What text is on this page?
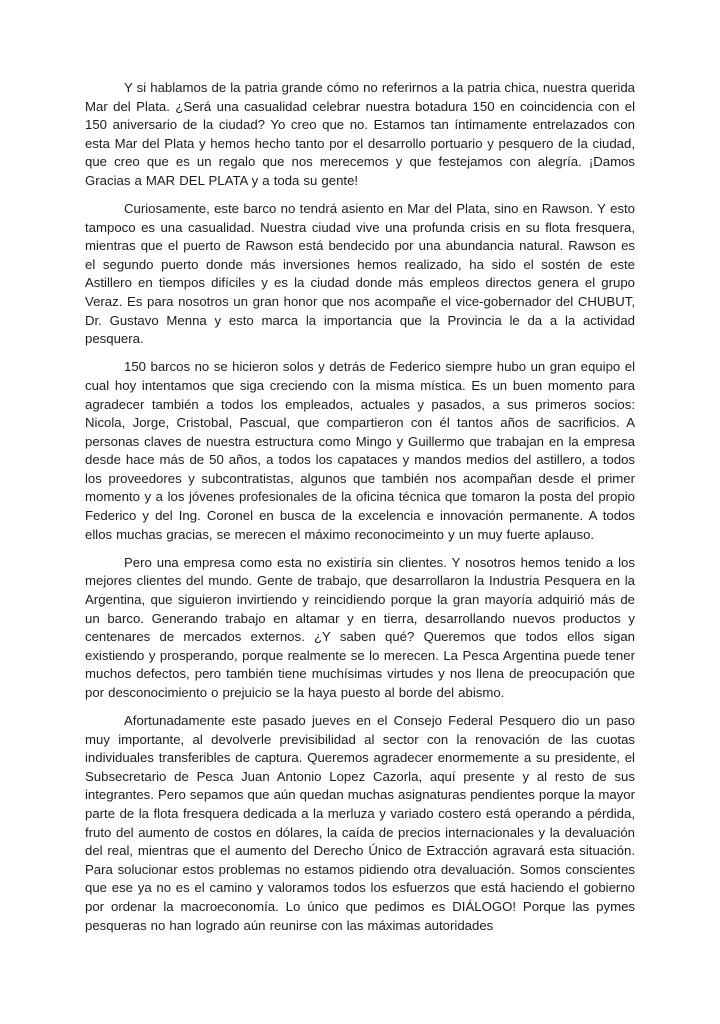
Y si hablamos de la patria grande cómo no referirnos a la patria chica, nuestra querida Mar del Plata. ¿Será una casualidad celebrar nuestra botadura 150 en coincidencia con el 150 aniversario de la ciudad? Yo creo que no. Estamos tan íntimamente entrelazados con esta Mar del Plata y hemos hecho tanto por el desarrollo portuario y pesquero de la ciudad, que creo que es un regalo que nos merecemos y que festejamos con alegría. ¡Damos Gracias a MAR DEL PLATA y a toda su gente!

Curiosamente, este barco no tendrá asiento en Mar del Plata, sino en Rawson. Y esto tampoco es una casualidad. Nuestra ciudad vive una profunda crisis en su flota fresquera, mientras que el puerto de Rawson está bendecido por una abundancia natural. Rawson es el segundo puerto donde más inversiones hemos realizado, ha sido el sostén de este Astillero en tiempos difíciles y es la ciudad donde más empleos directos genera el grupo Veraz. Es para nosotros un gran honor que nos acompañe el vice-gobernador del CHUBUT, Dr. Gustavo Menna y esto marca la importancia que la Provincia le da a la actividad pesquera.

150 barcos no se hicieron solos y detrás de Federico siempre hubo un gran equipo el cual hoy intentamos que siga creciendo con la misma mística. Es un buen momento para agradecer también a todos los empleados, actuales y pasados, a sus primeros socios: Nicola, Jorge, Cristobal, Pascual, que compartieron con él tantos años de sacrificios. A personas claves de nuestra estructura como Mingo y Guillermo que trabajan en la empresa desde hace más de 50 años, a todos los capataces y mandos medios del astillero, a todos los proveedores y subcontratistas, algunos que también nos acompañan desde el primer momento y a los jóvenes profesionales de la oficina técnica que tomaron la posta del propio Federico y del Ing. Coronel en busca de la excelencia e innovación permanente. A todos ellos muchas gracias, se merecen el máximo reconocimeinto y un muy fuerte aplauso.

Pero una empresa como esta no existiría sin clientes. Y nosotros hemos tenido a los mejores clientes del mundo. Gente de trabajo, que desarrollaron la Industria Pesquera en la Argentina, que siguieron invirtiendo y reincidiendo porque la gran mayoría adquirió más de un barco. Generando trabajo en altamar y en tierra, desarrollando nuevos productos y centenares de mercados externos. ¿Y saben qué? Queremos que todos ellos sigan existiendo y prosperando, porque realmente se lo merecen. La Pesca Argentina puede tener muchos defectos, pero también tiene muchísimas virtudes y nos llena de preocupación que por desconocimiento o prejuicio se la haya puesto al borde del abismo.

Afortunadamente este pasado jueves en el Consejo Federal Pesquero dio un paso muy importante, al devolverle previsibilidad al sector con la renovación de las cuotas individuales transferibles de captura. Queremos agradecer enormemente a su presidente, el Subsecretario de Pesca Juan Antonio Lopez Cazorla, aquí presente y al resto de sus integrantes. Pero sepamos que aún quedan muchas asignaturas pendientes porque la mayor parte de la flota fresquera dedicada a la merluza y variado costero está operando a pérdida, fruto del aumento de costos en dólares, la caída de precios internacionales y la devaluación del real, mientras que el aumento del Derecho Único de Extracción agravará esta situación. Para solucionar estos problemas no estamos pidiendo otra devaluación. Somos conscientes que ese ya no es el camino y valoramos todos los esfuerzos que está haciendo el gobierno por ordenar la macroeconomía. Lo único que pedimos es DIÁLOGO! Porque las pymes pesqueras no han logrado aún reunirse con las máximas autoridades
